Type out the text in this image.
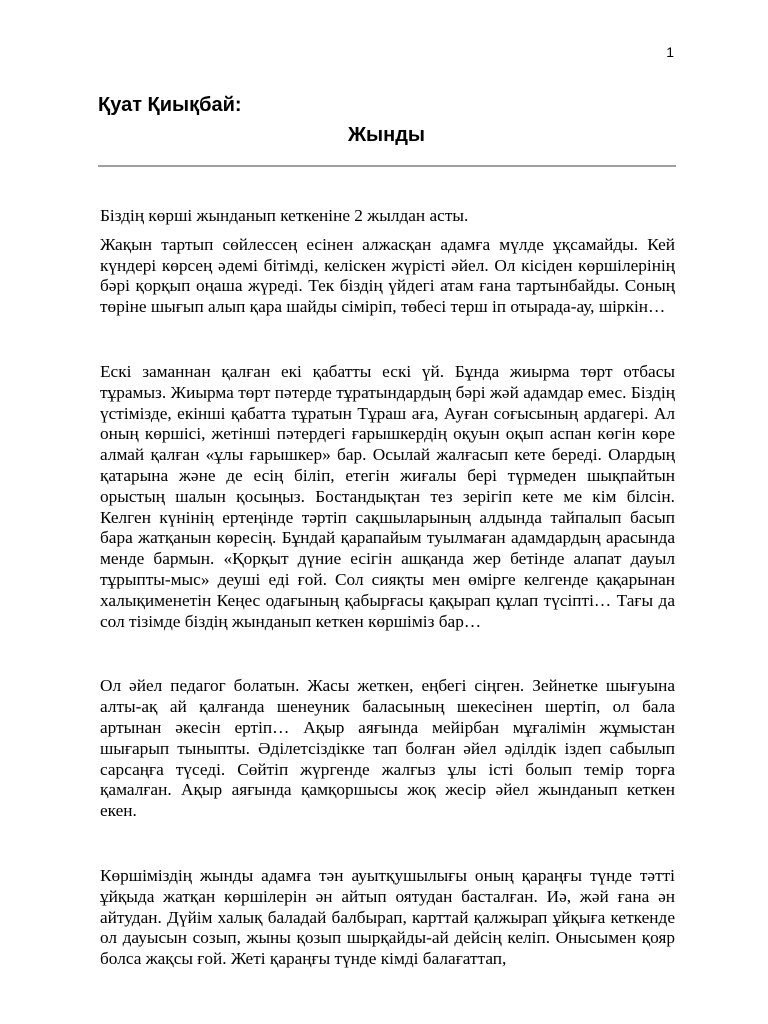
1
Қуат Қиықбай:
Жынды

Біздің көрші жынданып кеткеніне 2 жылдан асты.

Жақын тартып сөйлессең есінен алжасқан адамға мүлде ұқсамайды. Кей күндері көрсең әдемі бітімді, келіскен жүрісті әйел. Ол кісіден көршілерінің бәрі қорқып оңаша жүреді. Тек біздің үйдегі атам ғана тартынбайды. Соның төріне шығып алып қара шайды сіміріп, төбесі терш іп отырада-ау, шіркін…

Ескі заманнан қалған екі қабатты ескі үй. Бұнда жиырма төрт отбасы тұрамыз. Жиырма төрт пәтерде тұратындардың бәрі жәй адамдар емес. Біздің үстімізде, екінші қабатта тұратын Тұраш аға, Ауған соғысының ардагері. Ал оның көршісі, жетінші пәтердегі ғарышкердің оқуын оқып аспан көгін көре алмай қалған «ұлы ғарышкер» бар. Осылай жалғасып кете береді. Олардың қатарына және де есің біліп, етегін жиғалы бері түрмеден шықпайтын орыстың шалын қосыңыз. Бостандықтан тез зерігіп кете ме кім білсін. Келген күнінің ертеңінде тәртіп сақшыларының алдында тайпалып басып бара жатқанын көресің. Бұндай қарапайым туылмаған адамдардың арасында менде бармын. «Қорқыт дүние есігін ашқанда жер бетінде алапат дауыл тұрыпты-мыс» деуші еді ғой. Сол сияқты мен өмірге келгенде қақарынан халықименетін Кеңес одағының қабырғасы қақырап құлап түсіпті… Тағы да сол тізімде біздің жынданып кеткен көршіміз бар…

Ол әйел педагог болатын. Жасы жеткен, еңбегі сіңген. Зейнетке шығуына алты-ақ ай қалғанда шенеуник баласының шекесінен шертіп, ол бала артынан әкесін ертіп… Ақыр аяғында мейірбан мұғалімін жұмыстан шығарып тыныпты. Әділетсіздікке тап болған әйел әділдік іздеп сабылып сарсаңға түседі. Сөйтіп жүргенде жалғыз ұлы істі болып темір торға қамалған. Ақыр аяғында қамқоршысы жоқ жесір әйел жынданып кеткен екен.

Көршіміздің жынды адамға тән ауытқушылығы оның қараңғы түнде тәтті ұйқыда жатқан көршілерін ән айтып оятудан басталған. Иә, жәй ғана ән айтудан. Дүйім халық баладай балбырап, карттай қалжырап ұйқыға кеткенде ол дауысын созып, жыны қозып шырқайды-ай дейсің келіп. Онысымен қояр болса жақсы ғой. Жеті қараңғы түнде кімді балағаттап,
